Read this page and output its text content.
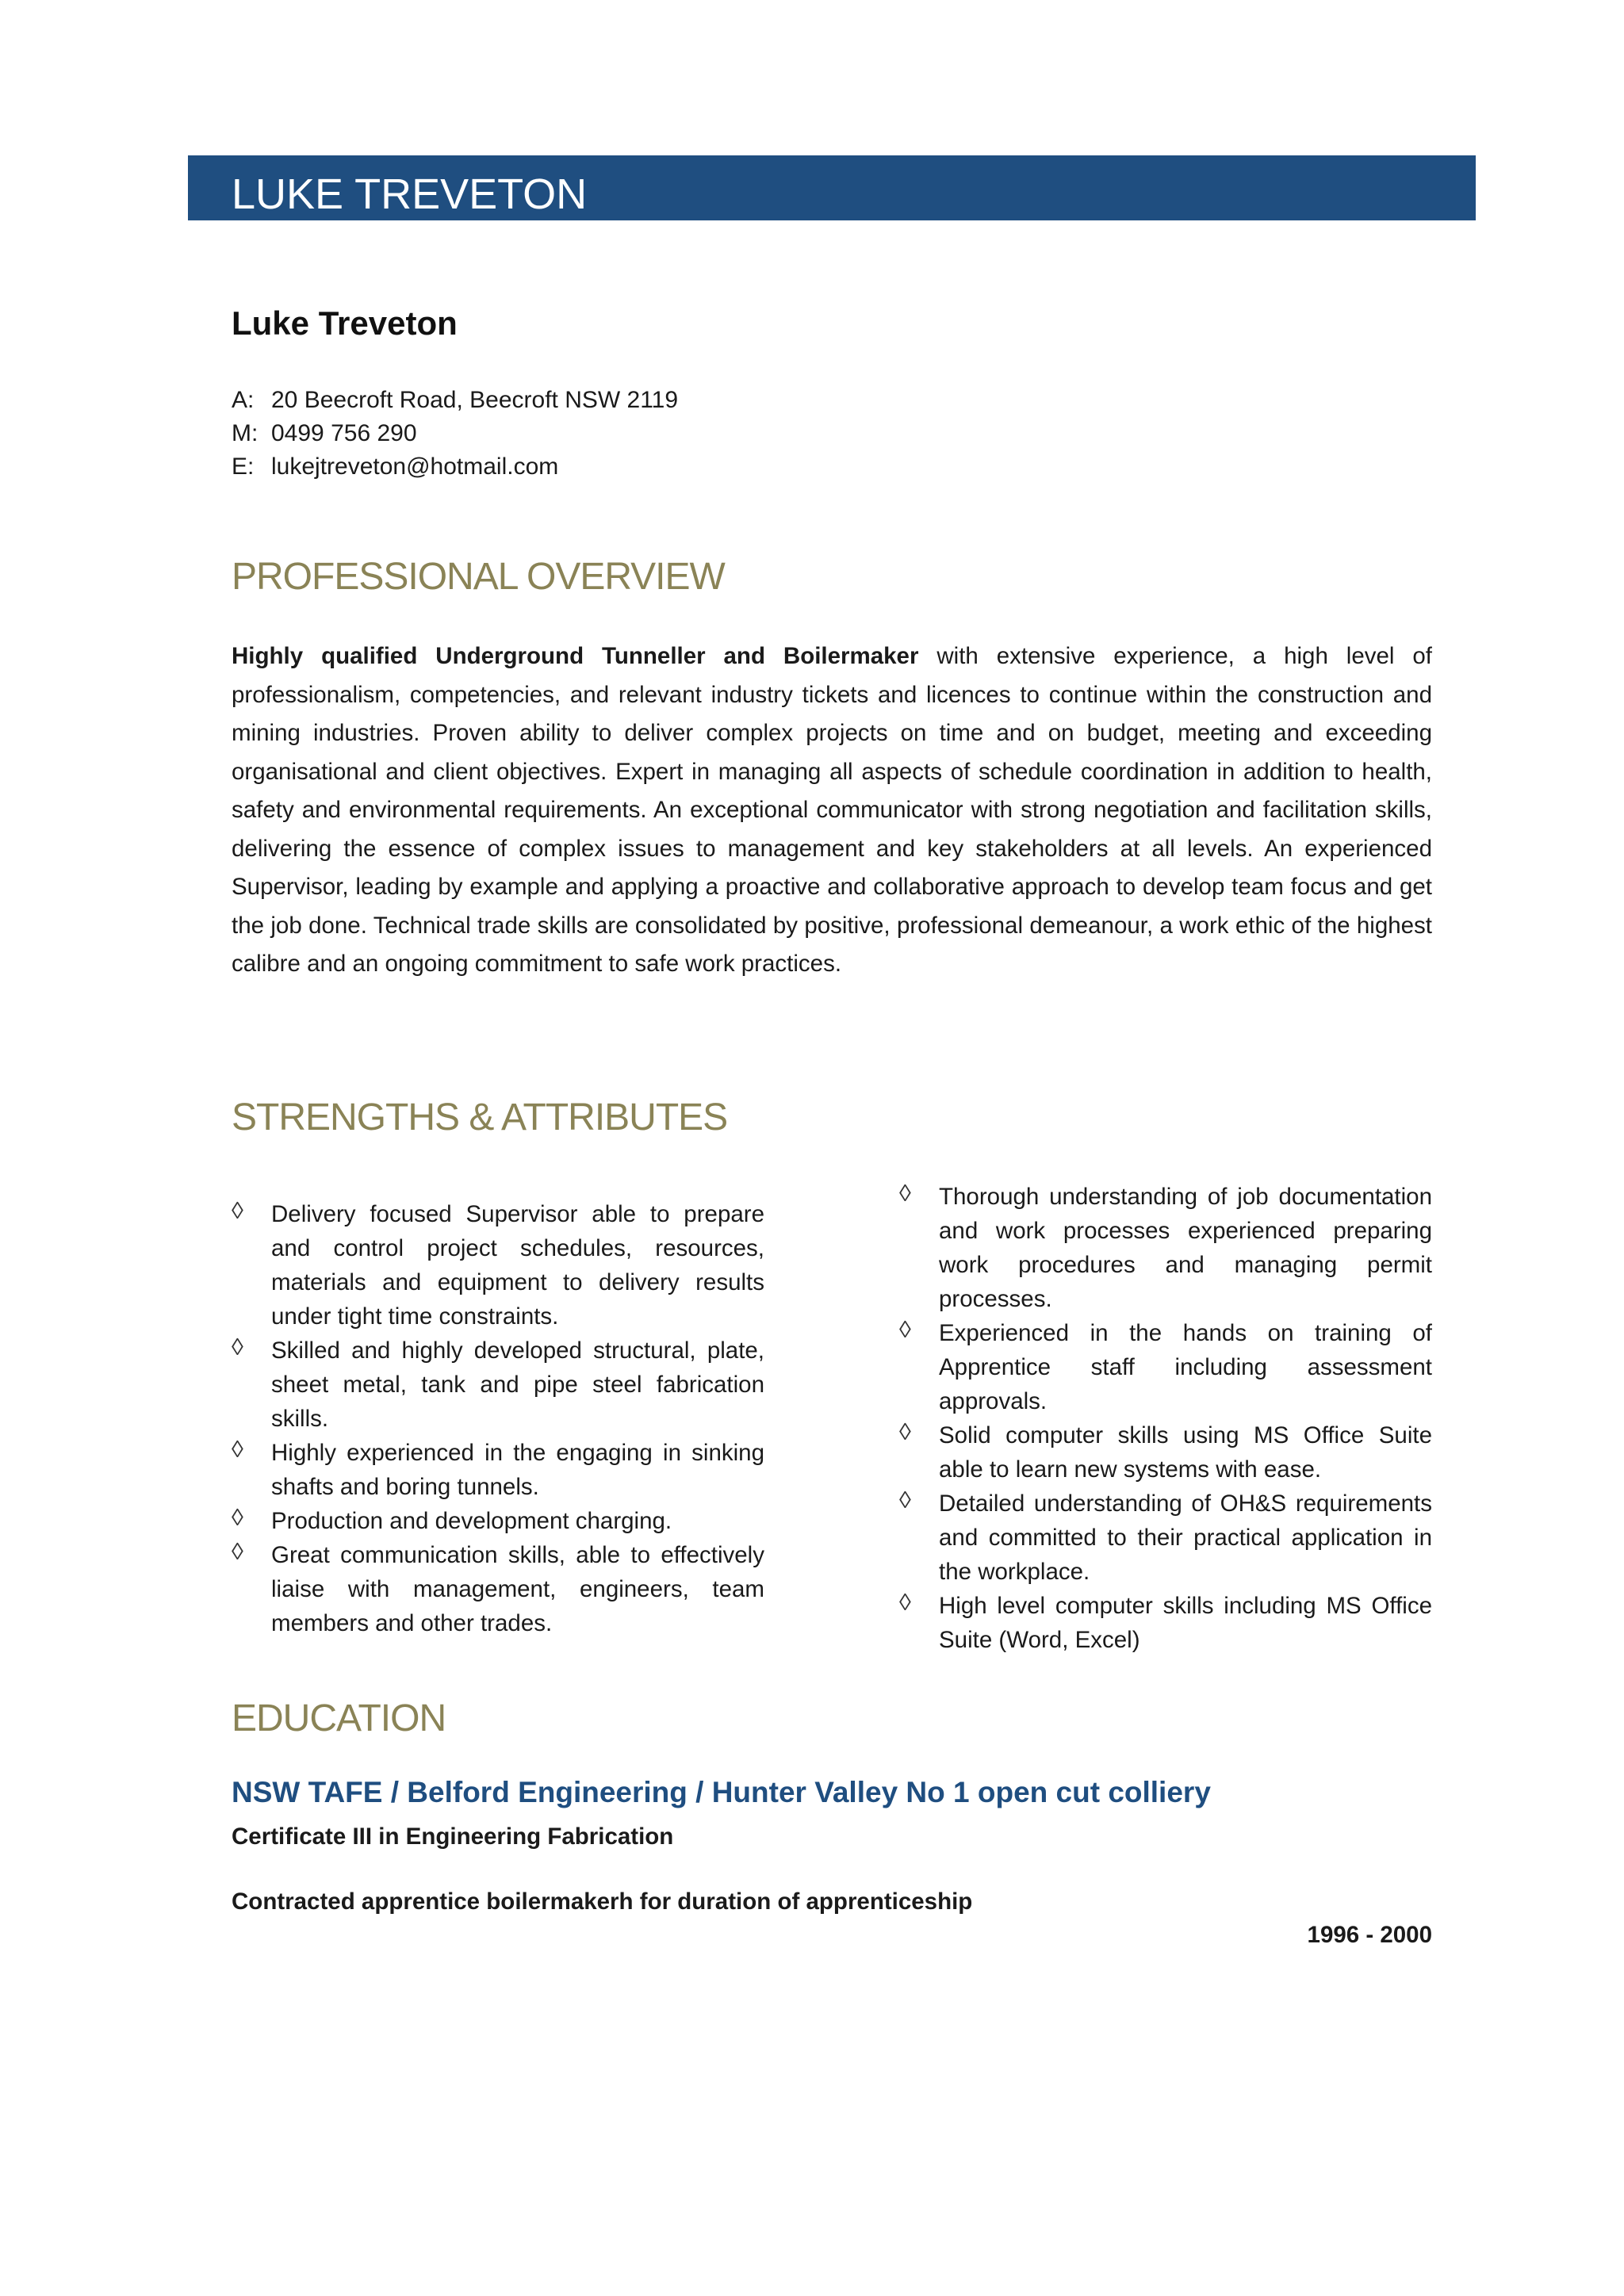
LUKE TREVETON
Luke Treveton
A: 20 Beecroft Road, Beecroft NSW 2119
M: 0499 756 290
E: lukejtreveton@hotmail.com
PROFESSIONAL OVERVIEW

Highly qualified Underground Tunneller and Boilermaker with extensive experience, a high level of professionalism, competencies, and relevant industry tickets and licences to continue within the construction and mining industries. Proven ability to deliver complex projects on time and on budget, meeting and exceeding organisational and client objectives. Expert in managing all aspects of schedule coordination in addition to health, safety and environmental requirements. An exceptional communicator with strong negotiation and facilitation skills, delivering the essence of complex issues to management and key stakeholders at all levels. An experienced Supervisor, leading by example and applying a proactive and collaborative approach to develop team focus and get the job done. Technical trade skills are consolidated by positive, professional demeanour, a work ethic of the highest calibre and an ongoing commitment to safe work practices.

STRENGTHS & ATTRIBUTES
◊	Delivery focused Supervisor able to prepare and control project schedules, resources, materials and equipment to delivery results under tight time constraints.
◊	Skilled and highly developed structural, plate, sheet metal, tank and pipe steel fabrication skills.
◊	Highly experienced in the engaging in sinking shafts and boring tunnels.
◊	Production and development charging.
◊	Great communication skills, able to effectively liaise with management, engineers, team members and other trades.
◊	Thorough understanding of job documentation and work processes experienced preparing work procedures and managing permit processes.
◊	Experienced in the hands on training of Apprentice staff including assessment approvals.
◊	Solid computer skills using MS Office Suite able to learn new systems with ease.
◊	Detailed understanding of OH&S requirements and committed to their practical application in the workplace.
◊	High level computer skills including MS Office Suite (Word, Excel)
EDUCATION

NSW TAFE / Belford Engineering / Hunter Valley No 1 open cut colliery

Certificate III in Engineering Fabrication

Contracted apprentice boilermakerh for duration of apprenticeship

1996 - 2000
